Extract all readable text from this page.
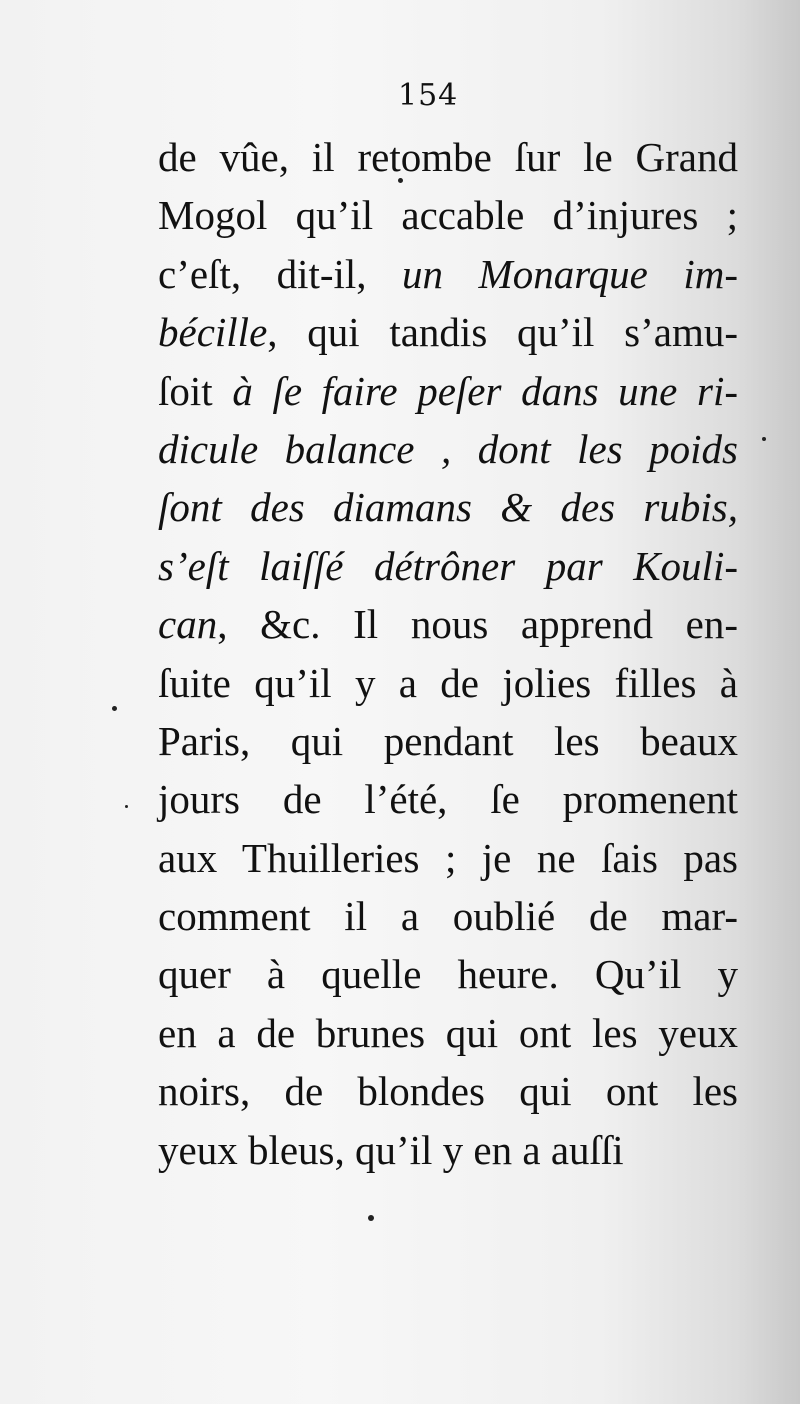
154
de vûe, il retombe ſur le Grand
Mogol qu’il accable d’injures ;
c’eſt, dit-il, un Monarque im-
bécille, qui tandis qu’il s’amu-
ſoit à ſe faire peſer dans une ri-
dicule balance , dont les poids
ſont des diamans & des rubis,
s’eſt laiſſé détrôner par Kouli-
can, &c. Il nous apprend en-
ſuite qu’il y a de jolies filles à
Paris, qui pendant les beaux
jours de l’été, ſe promenent
aux Thuilleries ; je ne ſais pas
comment il a oublié de mar-
quer à quelle heure. Qu’il y
en a de brunes qui ont les yeux
noirs, de blondes qui ont les
yeux bleus, qu’il y en a auſſi
